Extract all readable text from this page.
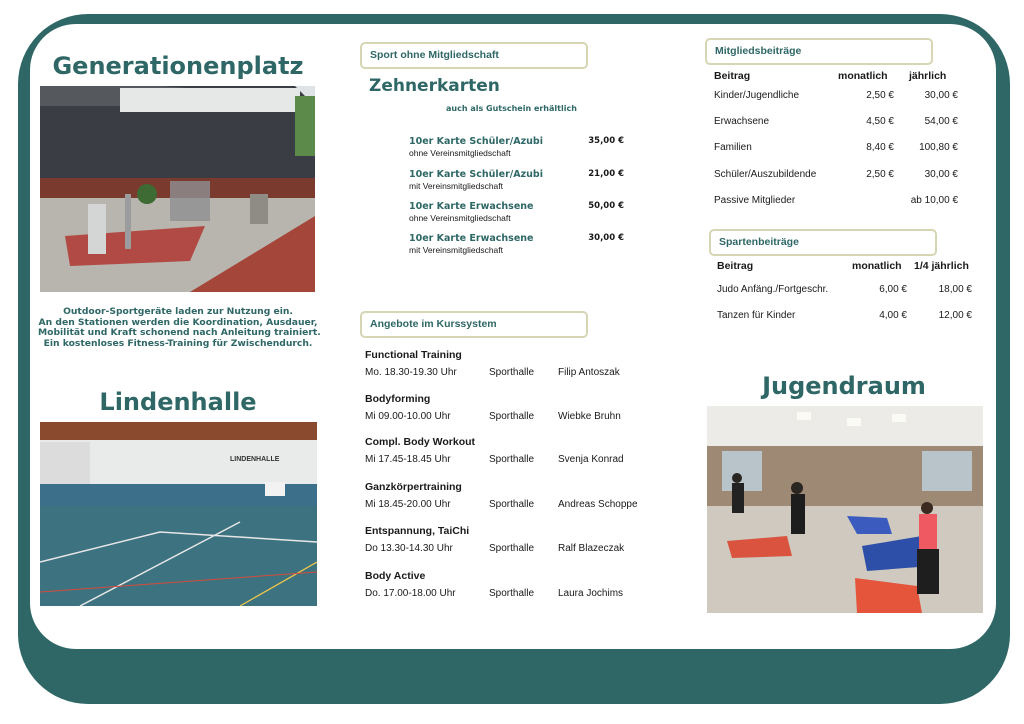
Generationenplatz
Outdoor-Sportgeräte laden zur Nutzung ein.
An den Stationen werden die Koordination, Ausdauer,
Mobilität und Kraft schonend nach Anleitung trainiert.
Ein kostenloses Fitness-Training für Zwischendurch.
Lindenhalle
LINDENHALLE
Sport ohne Mitgliedschaft
Zehnerkarten
auch als Gutschein erhältlich
10er Karte Schüler/Azubi
ohne Vereinsmitgliedschaft
35,00 €
10er Karte Schüler/Azubi
mit Vereinsmitgliedschaft
21,00 €
10er Karte Erwachsene
ohne Vereinsmitgliedschaft
50,00 €
10er Karte Erwachsene
mit Vereinsmitgliedschaft
30,00 €
Angebote im Kurssystem
Functional Training
Mo. 18.30-19.30 Uhr	Sporthalle Filip Antoszak
Bodyforming
Mi 09.00-10.00 Uhr	Sporthalle Wiebke Bruhn
Compl. Body Workout
Mi 17.45-18.45 Uhr	Sporthalle Svenja Konrad
Ganzkörpertraining
Mi 18.45-20.00 Uhr	Sporthalle Andreas Schoppe
Entspannung, TaiChi
Do 13.30-14.30 Uhr	Sporthalle Ralf Blazeczak
Body Active
Do. 17.00-18.00 Uhr	Sporthalle Laura Jochims
Mitgliedsbeiträge
Beitrag	monatlich jährlich
Kinder/Jugendliche	2,50 €	30,00 €
Erwachsene	4,50 €	54,00 €
Familien	8,40 €	100,80 €
Schüler/Auszubildende	2,50 €	30,00 €
Passive Mitglieder	ab 10,00 €
Spartenbeiträge
Beitrag	monatlich 1/4 jährlich
Judo Anfäng./Fortgeschr.	6,00 €	18,00 €
Tanzen für Kinder	4,00 €	12,00 €
Jugendraum
